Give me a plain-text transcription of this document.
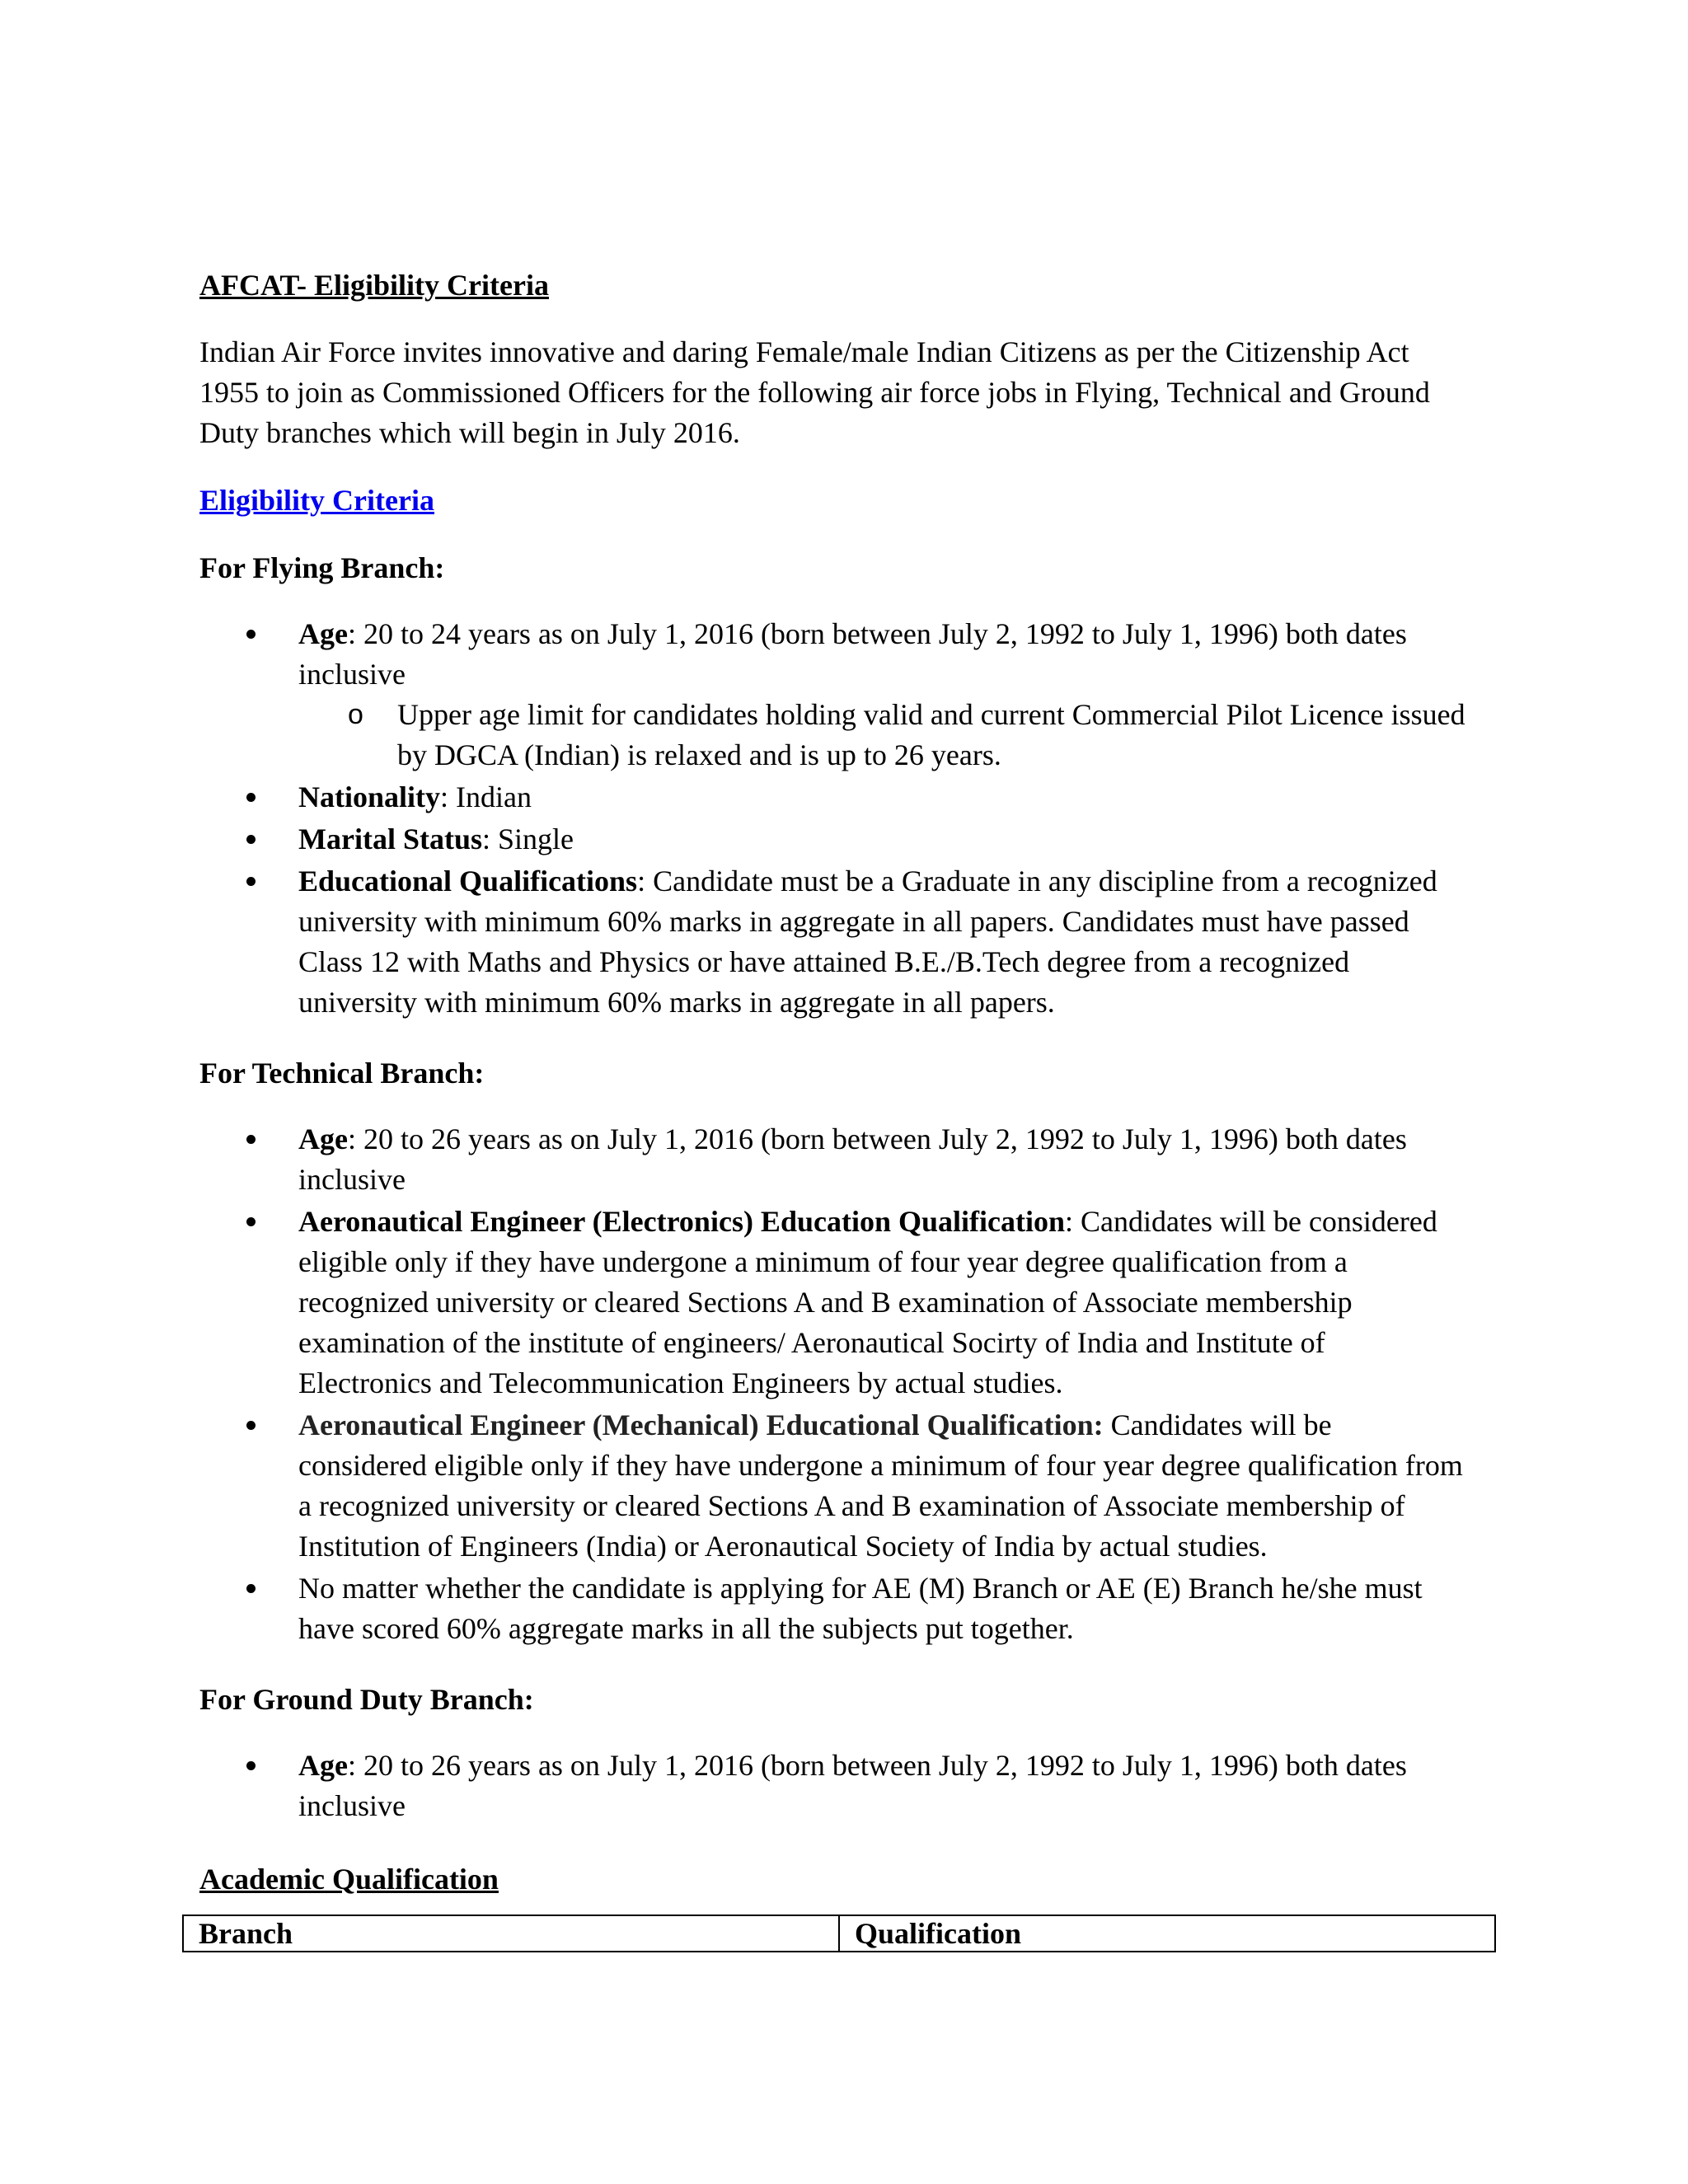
AFCAT- Eligibility Criteria
Indian Air Force invites innovative and daring Female/male Indian Citizens as per the Citizenship Act
1955 to join as Commissioned Officers for the following air force jobs in Flying, Technical and Ground
Duty branches which will begin in July 2016.
Eligibility Criteria
For Flying Branch:
Age: 20 to 24 years as on July 1, 2016 (born between July 2, 1992 to July 1, 1996) both dates
inclusive
o Upper age limit for candidates holding valid and current Commercial Pilot Licence issued
by DGCA (Indian) is relaxed and is up to 26 years.
Nationality: Indian
Marital Status: Single
Educational Qualifications: Candidate must be a Graduate in any discipline from a recognized
university with minimum 60% marks in aggregate in all papers. Candidates must have passed
Class 12 with Maths and Physics or have attained B.E./B.Tech degree from a recognized
university with minimum 60% marks in aggregate in all papers.
For Technical Branch:
Age: 20 to 26 years as on July 1, 2016 (born between July 2, 1992 to July 1, 1996) both dates
inclusive
Aeronautical Engineer (Electronics) Education Qualification: Candidates will be considered
eligible only if they have undergone a minimum of four year degree qualification from a
recognized university or cleared Sections A and B examination of Associate membership
examination of the institute of engineers/ Aeronautical Socirty of India and Institute of
Electronics and Telecommunication Engineers by actual studies.
Aeronautical Engineer (Mechanical) Educational Qualification: Candidates will be
considered eligible only if they have undergone a minimum of four year degree qualification from
a recognized university or cleared Sections A and B examination of Associate membership of
Institution of Engineers (India) or Aeronautical Society of India by actual studies.
No matter whether the candidate is applying for AE (M) Branch or AE (E) Branch he/she must
have scored 60% aggregate marks in all the subjects put together.
For Ground Duty Branch:
Age: 20 to 26 years as on July 1, 2016 (born between July 2, 1992 to July 1, 1996) both dates
inclusive
Academic Qualification
Branch	Qualification
